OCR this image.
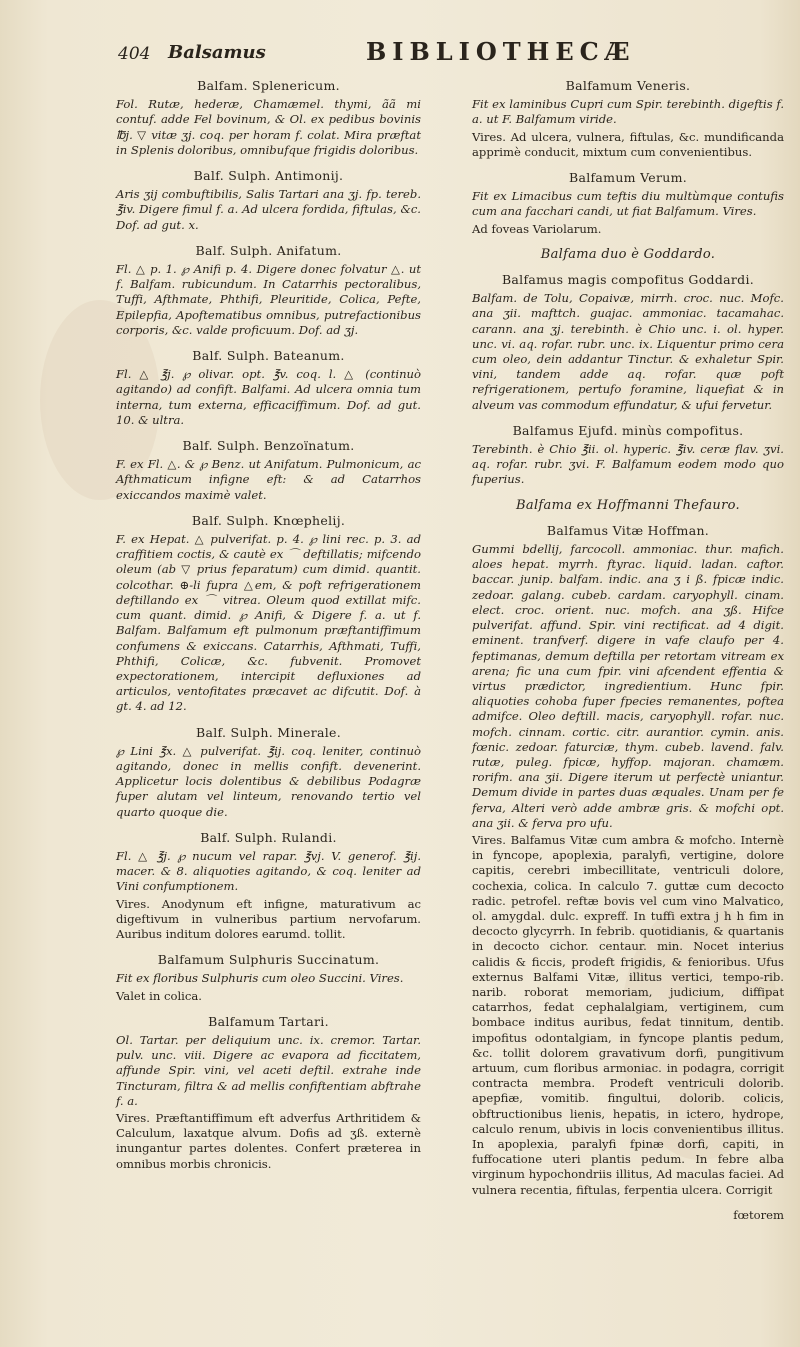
404 Balsamus	BIBLIOTHECÆ
Balfam. Splenericum.

Fol. Rutæ, hederæ, Chamæmel. thymi, ãã mi contuf. adde Fel bovinum, & Ol. ex pedibus bovinis ℔j. ▽ vitæ ʒj. coq. per horam f. colat. Mira præftat in Splenis doloribus, omnibufque frigidis doloribus.

Balf. Sulph. Antimonij.

Aris ʒij combuftibilis, Salis Tartari ana ʒj. fp. tereb. ℥iv. Digere fimul f. a. Ad ulcera fordida, fiftulas, &c. Dof. ad gut. x.

Balf. Sulph. Anifatum.

Fl. △ p. 1. ℘ Anifi p. 4. Digere donec folvatur △. ut f. Balfam. rubicundum. In Catarrhis pectoralibus, Tuffi, Afthmate, Phthifi, Pleuritide, Colica, Pefte, Epilepfia, Apoftematibus omnibus, putrefactionibus corporis, &c. valde proficuum. Dof. ad ʒj.

Balf. Sulph. Bateanum.

Fl. △ ℥j. ℘ olivar. opt. ℥v. coq. l. △ (continuò agitando) ad confift. Balfami. Ad ulcera omnia tum interna, tum externa, efficaciffimum. Dof. ad gut. 10. & ultra.

Balf. Sulph. Benzoïnatum.

F. ex Fl. △. & ℘ Benz. ut Anifatum. Pulmonicum, ac Afthmaticum infigne eft: & ad Catarrhos exiccandos maximè valet.

Balf. Sulph. Knœphelij.

F. ex Hepat. △ pulverifat. p. 4. ℘ lini rec. p. 3. ad craffitiem coctis, & cautè ex ⌒ deftillatis; mifcendo oleum (ab ▽ prius feparatum) cum dimid. quantit. colcothar. ⊕-li fupra △em, & poft refrigerationem deftillando ex ⌒ vitrea. Oleum quod extillat mifc. cum quant. dimid. ℘ Anifi, & Digere f. a. ut f. Balfam. Balfamum eft pulmonum præftantiffimum confumens & exiccans. Catarrhis, Afthmati, Tuffi, Phthifi, Colicæ, &c. fubvenit. Promovet expectorationem, intercipit defluxiones ad articulos, ventofitates præcavet ac difcutit. Dof. à gt. 4. ad 12.

Balf. Sulph. Minerale.

℘ Lini ℥x. △ pulverifat. ℥ij. coq. leniter, continuò agitando, donec in mellis confift. devenerint. Applicetur locis dolentibus & debilibus Podagræ fuper alutam vel linteum, renovando tertio vel quarto quoque die.

Balf. Sulph. Rulandi.

Fl. △ ℥j. ℘ nucum vel rapar. ℥vj. V. generof. ℥ij. macer. & 8. aliquoties agitando, & coq. leniter ad Vini confumptionem.

Vires. Anodynum eft infigne, maturativum ac digeftivum in vulneribus partium nervofarum. Auribus inditum dolores earumd. tollit.

Balfamum Sulphuris Succinatum.

Fit ex floribus Sulphuris cum oleo Succini. Vires.

Valet in colica.

Balfamum Tartari.

Ol. Tartar. per deliquium unc. ix. cremor. Tartar. pulv. unc. viii. Digere ac evapora ad ficcitatem, affunde Spir. vini, vel aceti deftil. extrahe inde Tincturam, filtra & ad mellis confiftentiam abftrahe f. a.

Vires. Præftantiffimum eft adverfus Arthritidem & Calculum, laxatque alvum. Dofis ad ʒß. externè inungantur partes dolentes. Confert præterea in omnibus morbis chronicis.

Balfamum Veneris.

Fit ex laminibus Cupri cum Spir. terebinth. digeftis f. a. ut F. Balfamum viride.

Vires. Ad ulcera, vulnera, fiftulas, &c. mundificanda apprimè conducit, mixtum cum convenientibus.

Balfamum Verum.

Fit ex Limacibus cum teftis diu multùmque contufis cum ana facchari candi, ut fiat Balfamum. Vires.

Ad foveas Variolarum.

Balfama duo è Goddardo.
Balfamus magis compofitus Goddardi.

Balfam. de Tolu, Copaivæ, mirrh. croc. nuc. Mofc. ana ʒii. mafttch. guajac. ammoniac. tacamahac. carann. ana ʒj. terebinth. è Chio unc. i. ol. hyper. unc. vi. aq. rofar. rubr. unc. ix. Liquentur primo cera cum oleo, dein addantur Tinctur. & exhaletur Spir. vini, tandem adde aq. rofar. quæ poft refrigerationem, pertufo foramine, liquefiat & in alveum vas commodum effundatur, & ufui fervetur.

Balfamus Ejufd. minùs compofitus.

Terebinth. è Chio ℥ii. ol. hyperic. ℥iv. ceræ flav. ʒvi. aq. rofar. rubr. ʒvi. F. Balfamum eodem modo quo fuperius.

Balfama ex Hoffmanni Thefauro.
Balfamus Vitæ Hoffman.

Gummi bdellij, farcocoll. ammoniac. thur. mafich. aloes hepat. myrrh. ftyrac. liquid. ladan. caftor. baccar. junip. balfam. indic. ana ʒ i ß. fpicæ indic. zedoar. galang. cubeb. cardam. caryophyll. cinam. elect. croc. orient. nuc. mofch. ana ʒß. Hifce pulverifat. affund. Spir. vini rectificat. ad 4 digit. eminent. tranfverf. digere in vafe claufo per 4. feptimanas, demum deftilla per retortam vitream ex arena; fic una cum fpir. vini afcendent effentia & virtus prædictor, ingredientium. Hunc fpir. aliquoties cohoba fuper fpecies remanentes, poftea admifce. Oleo deftill. macis, caryophyll. rofar. nuc. mofch. cinnam. cortic. citr. aurantior. cymin. anis. fœnic. zedoar. faturciæ, thym. cubeb. lavend. falv. rutæ, puleg. fpicæ, hyffop. majoran. chamæm. rorifm. ana ʒii. Digere iterum ut perfectè uniantur. Demum divide in partes duas æquales. Unam per fe ferva, Alteri verò adde ambræ gris. & mofchi opt. ana ʒii. & ferva pro ufu.

Vires. Balfamus Vitæ cum ambra & mofcho. Internè in fyncope, apoplexia, paralyfi, vertigine, dolore capitis, cerebri imbecillitate, ventriculi dolore, cochexia, colica. In calculo 7. guttæ cum decocto radic. petrofel. reftæ bovis vel cum vino Malvatico, ol. amygdal. dulc. expreff. In tuffi extra j h h fim in decocto glycyrrh. In febrib. quotidianis, & quartanis in decocto cichor. centaur. min. Nocet interius calidis & ficcis, prodeft frigidis, & fenioribus. Ufus externus Balfami Vitæ, illitus vertici, tempo-rib. narib. roborat memoriam, judicium, diffipat catarrhos, fedat cephalalgiam, vertiginem, cum bombace inditus auribus, fedat tinnitum, dentib. impofitus odontalgiam, in fyncope plantis pedum, &c. tollit dolorem gravativum dorfi, pungitivum artuum, cum floribus armoniac. in podagra, corrigit contracta membra. Prodeft ventriculi dolorib. apepfiæ, vomitib. fingultui, dolorib. colicis, obftructionibus lienis, hepatis, in ictero, hydrope, calculo renum, ubivis in locis convenientibus illitus. In apoplexia, paralyfi fpinæ dorfi, capiti, in fuffocatione uteri plantis pedum. In febre alba virginum hypochondriis illitus, Ad maculas faciei. Ad vulnera recentia, fiftulas, ferpentia ulcera. Corrigit

fœtorem
